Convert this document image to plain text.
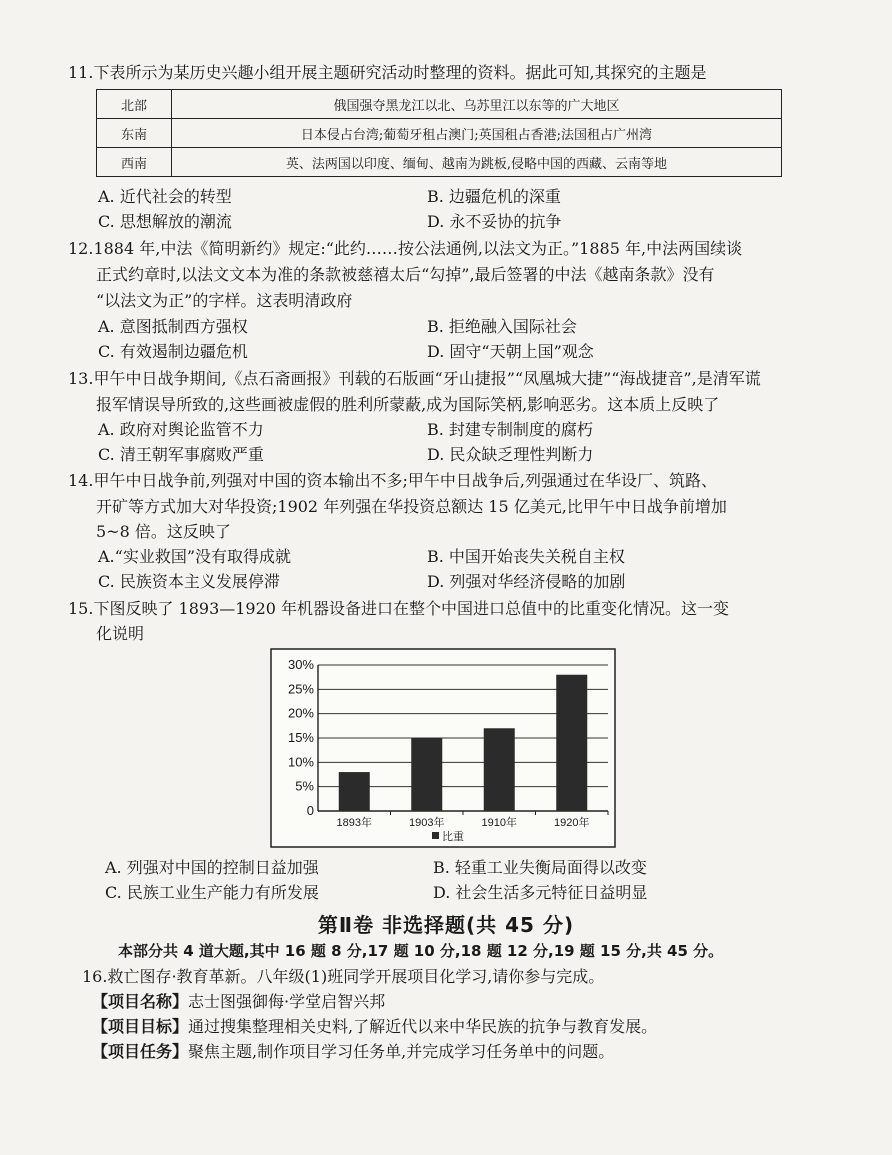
11.下表所示为某历史兴趣小组开展主题研究活动时整理的资料。据此可知,其探究的主题是
北部	俄国强夺黑龙江以北、乌苏里江以东等的广大地区
东南	日本侵占台湾;葡萄牙租占澳门;英国租占香港;法国租占广州湾
西南	英、法两国以印度、缅甸、越南为跳板,侵略中国的西藏、云南等地
A. 近代社会的转型	B. 边疆危机的深重
C. 思想解放的潮流	D. 永不妥协的抗争
12.1884 年,中法《简明新约》规定:“此约……按公法通例,以法文为正。”1885 年,中法两国续谈
正式约章时,以法文文本为准的条款被慈禧太后“勾掉”,最后签署的中法《越南条款》没有
“以法文为正”的字样。这表明清政府
A. 意图抵制西方强权	B. 拒绝融入国际社会
C. 有效遏制边疆危机	D. 固守“天朝上国”观念
13.甲午中日战争期间,《点石斋画报》刊载的石版画“牙山捷报”“凤凰城大捷”“海战捷音”,是清军谎
报军情误导所致的,这些画被虚假的胜利所蒙蔽,成为国际笑柄,影响恶劣。这本质上反映了
A. 政府对舆论监管不力	B. 封建专制制度的腐朽
C. 清王朝军事腐败严重	D. 民众缺乏理性判断力
14.甲午中日战争前,列强对中国的资本输出不多;甲午中日战争后,列强通过在华设厂、筑路、
开矿等方式加大对华投资;1902 年列强在华投资总额达 15 亿美元,比甲午中日战争前增加
5~8 倍。这反映了
A.“实业救国”没有取得成就	B. 中国开始丧失关税自主权
C. 民族资本主义发展停滞	D. 列强对华经济侵略的加剧
15.下图反映了 1893—1920 年机器设备进口在整个中国进口总值中的比重变化情况。这一变
化说明
0
5%
10%
15%
20%
25%
30%
1893年	1903年	1910年	1920年
比重
A. 列强对中国的控制日益加强	B. 轻重工业失衡局面得以改变
C. 民族工业生产能力有所发展	D. 社会生活多元特征日益明显
第Ⅱ卷 非选择题(共 45 分)
本部分共 4 道大题,其中 16 题 8 分,17 题 10 分,18 题 12 分,19 题 15 分,共 45 分。
16.救亡图存·教育革新。八年级(1)班同学开展项目化学习,请你参与完成。
【项目名称】志士图强御侮·学堂启智兴邦
【项目目标】通过搜集整理相关史料,了解近代以来中华民族的抗争与教育发展。
【项目任务】聚焦主题,制作项目学习任务单,并完成学习任务单中的问题。
